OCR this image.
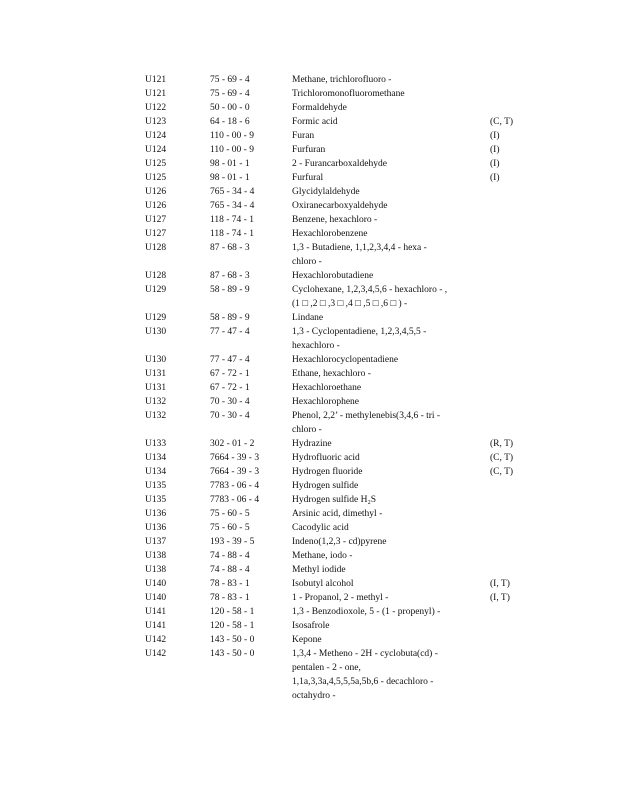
U121	75 - 69 - 4	Methane, trichlorofluoro -
U121	75 - 69 - 4	Trichloromonofluoromethane
U122	50 - 00 - 0	Formaldehyde
U123	64 - 18 - 6	Formic acid	(C, T)
U124	110 - 00 - 9	Furan	(I)
U124	110 - 00 - 9	Furfuran	(I)
U125	98 - 01 - 1	2 - Furancarboxaldehyde	(I)
U125	98 - 01 - 1	Furfural	(I)
U126	765 - 34 - 4	Glycidylaldehyde
U126	765 - 34 - 4	Oxiranecarboxyaldehyde
U127	118 - 74 - 1	Benzene, hexachloro -
U127	118 - 74 - 1	Hexachlorobenzene
U128	87 - 68 - 3	1,3 - Butadiene, 1,1,2,3,4,4 - hexa -
chloro -
U128	87 - 68 - 3	Hexachlorobutadiene
U129	58 - 89 - 9	Cyclohexane, 1,2,3,4,5,6 - hexachloro - ,
(1 □ ,2 □ ,3 □ ,4 □ ,5 □ ,6 □ ) -
U129	58 - 89 - 9	Lindane
U130	77 - 47 - 4	1,3 - Cyclopentadiene, 1,2,3,4,5,5 -
hexachloro -
U130	77 - 47 - 4	Hexachlorocyclopentadiene
U131	67 - 72 - 1	Ethane, hexachloro -
U131	67 - 72 - 1	Hexachloroethane
U132	70 - 30 - 4	Hexachlorophene
U132	70 - 30 - 4	Phenol, 2,2’ - methylenebis(3,4,6 - tri -
chloro -
U133	302 - 01 - 2	Hydrazine	(R, T)
U134	7664 - 39 - 3	Hydrofluoric acid	(C, T)
U134	7664 - 39 - 3	Hydrogen fluoride	(C, T)
U135	7783 - 06 - 4	Hydrogen sulfide
U135	7783 - 06 - 4	Hydrogen sulfide H₂S
U136	75 - 60 - 5	Arsinic acid, dimethyl -
U136	75 - 60 - 5	Cacodylic acid
U137	193 - 39 - 5	Indeno(1,2,3 - cd)pyrene
U138	74 - 88 - 4	Methane, iodo -
U138	74 - 88 - 4	Methyl iodide
U140	78 - 83 - 1	Isobutyl alcohol	(I, T)
U140	78 - 83 - 1	1 - Propanol, 2 - methyl -	(I, T)
U141	120 - 58 - 1	1,3 - Benzodioxole, 5 - (1 - propenyl) -
U141	120 - 58 - 1	Isosafrole
U142	143 - 50 - 0	Kepone
U142	143 - 50 - 0	1,3,4 - Metheno - 2H - cyclobuta(cd) -
pentalen - 2 - one,
1,1a,3,3a,4,5,5,5a,5b,6 - decachloro -
octahydro -
